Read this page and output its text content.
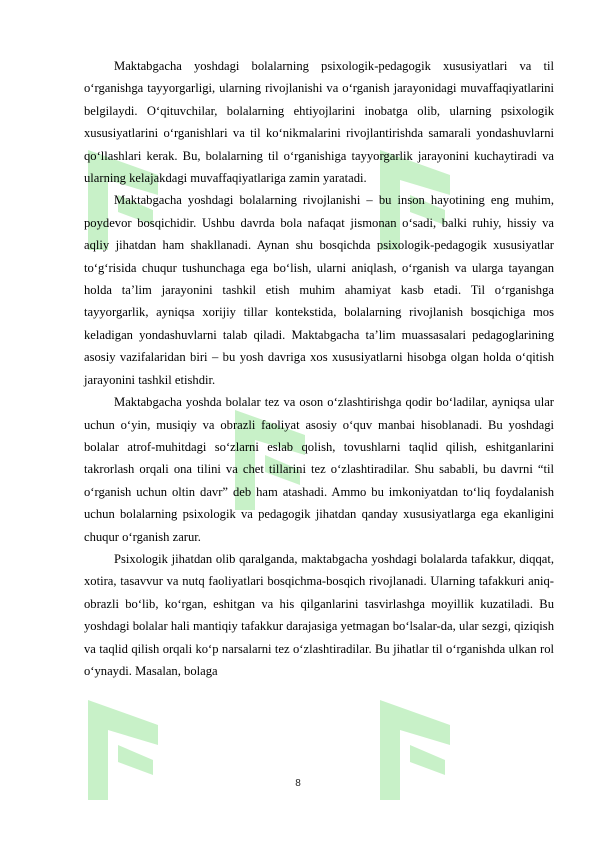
Maktabgacha yoshdagi bolalarning psixologik-pedagogik xususiyatlari va til oʻrganishga tayyorgarligi, ularning rivojlanishi va oʻrganish jarayonidagi muvaffaqiyatlarini belgilaydi. Oʻqituvchilar, bolalarning ehtiyojlarini inobatga olib, ularning psixologik xususiyatlarini oʻrganishlari va til koʻnikmalarini rivojlantirishda samarali yondashuvlarni qoʻllashlari kerak. Bu, bolalarning til oʻrganishiga tayyorgarlik jarayonini kuchaytiradi va ularning kelajakdagi muvaffaqiyatlariga zamin yaratadi.

Maktabgacha yoshdagi bolalarning rivojlanishi – bu inson hayotining eng muhim, poydevor bosqichidir. Ushbu davrda bola nafaqat jismonan oʻsadi, balki ruhiy, hissiy va aqliy jihatdan ham shakllanadi. Aynan shu bosqichda psixologik-pedagogik xususiyatlar toʻgʻrisida chuqur tushunchaga ega boʻlish, ularni aniqlash, oʻrganish va ularga tayangan holda taʼlim jarayonini tashkil etish muhim ahamiyat kasb etadi. Til oʻrganishga tayyorgarlik, ayniqsa xorijiy tillar kontekstida, bolalarning rivojlanish bosqichiga mos keladigan yondashuvlarni talab qiladi. Maktabgacha taʼlim muassasalari pedagoglarining asosiy vazifalaridan biri – bu yosh davriga xos xususiyatlarni hisobga olgan holda oʻqitish jarayonini tashkil etishdir.

Maktabgacha yoshda bolalar tez va oson oʻzlashtirishga qodir boʻladilar, ayniqsa ular uchun oʻyin, musiqiy va obrazli faoliyat asosiy oʻquv manbai hisoblanadi. Bu yoshdagi bolalar atrof-muhitdagi soʻzlarni eslab qolish, tovushlarni taqlid qilish, eshitganlarini takrorlash orqali ona tilini va chet tillarini tez oʻzlashtiradilar. Shu sababli, bu davrni “til oʻrganish uchun oltin davr” deb ham atashadi. Ammo bu imkoniyatdan toʻliq foydalanish uchun bolalarning psixologik va pedagogik jihatdan qanday xususiyatlarga ega ekanligini chuqur oʻrganish zarur.

Psixologik jihatdan olib qaralganda, maktabgacha yoshdagi bolalarda tafakkur, diqqat, xotira, tasavvur va nutq faoliyatlari bosqichma-bosqich rivojlanadi. Ularning tafakkuri aniq-obrazli boʻlib, koʻrgan, eshitgan va his qilganlarini tasvirlashga moyillik kuzatiladi. Bu yoshdagi bolalar hali mantiqiy tafakkur darajasiga yetmagan boʻlsalar-da, ular sezgi, qiziqish va taqlid qilish orqali koʻp narsalarni tez oʻzlashtiradilar. Bu jihatlar til oʻrganishda ulkan rol oʻynaydi. Masalan, bolaga

8
